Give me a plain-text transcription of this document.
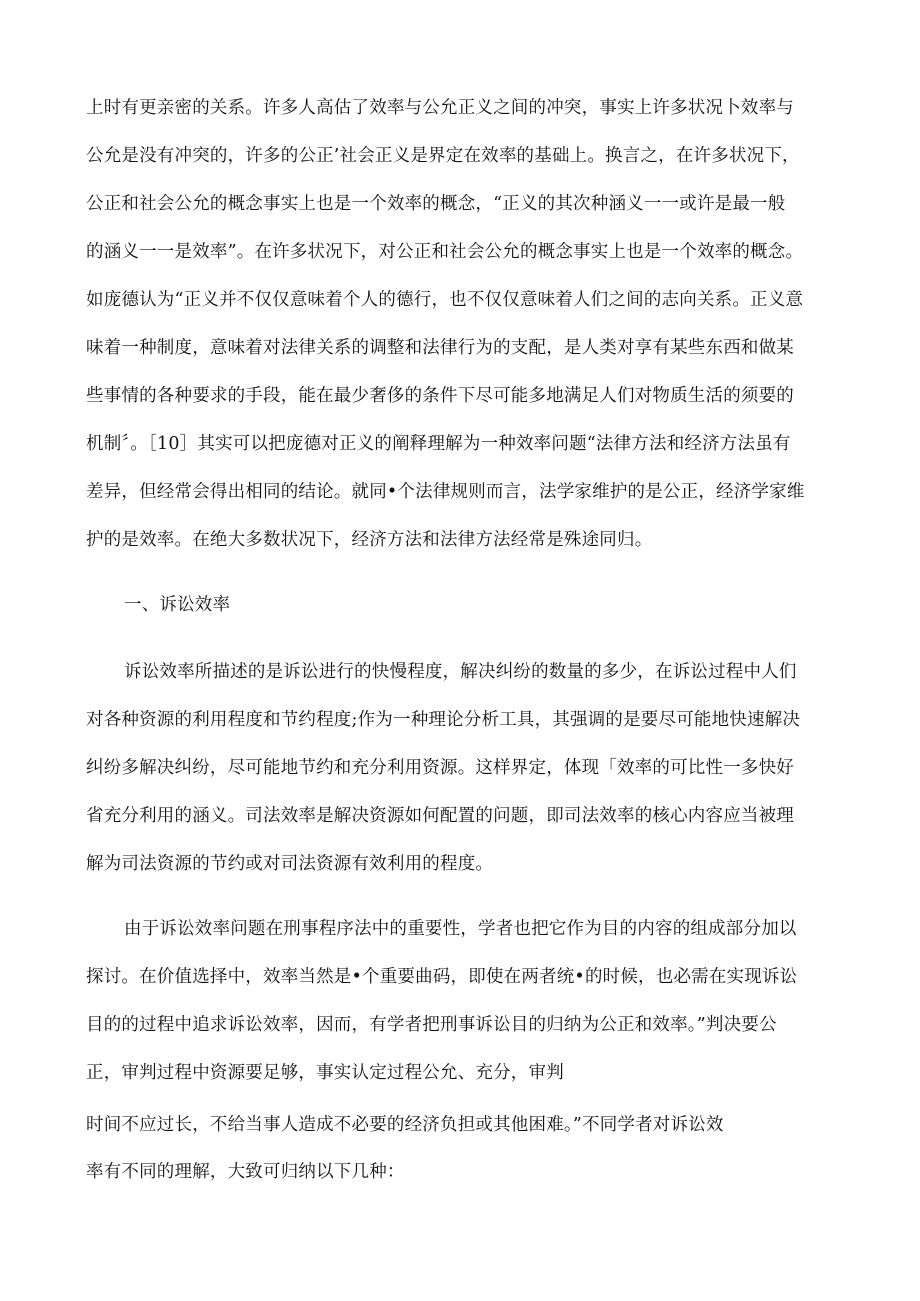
上时有更亲密的关系。许多人高估了效率与公允正义之间的冲突，事实上许多状况卜效率与
公允是没有冲突的，许多的公正’社会正义是界定在效率的基础上。换言之，在许多状况下，
公正和社会公允的概念事实上也是一个效率的概念，“正义的其次种涵义一一或许是最一般
的涵义一一是效率”。在许多状况下，对公正和社会公允的概念事实上也是一个效率的概念。
如庞德认为“正义并不仅仅意味着个人的德行，也不仅仅意味着人们之间的志向关系。正义意
味着一种制度，意味着对法律关系的调整和法律行为的支配，是人类对享有某些东西和做某
些事情的各种要求的手段，能在最少奢侈的条件下尽可能多地满足人们对物质生活的须要的
机制〞。［10］其实可以把庞德对正义的阐释理解为一种效率问题“法律方法和经济方法虽有
差异，但经常会得出相同的结论。就同•个法律规则而言，法学家维护的是公正，经济学家维
护的是效率。在绝大多数状况下，经济方法和法律方法经常是殊途同归。
一、诉讼效率
诉讼效率所描述的是诉讼进行的快慢程度，解决纠纷的数量的多少，在诉讼过程中人们
对各种资源的利用程度和节约程度;作为一种理论分析工具，其强调的是要尽可能地快速解决
纠纷多解决纠纷，尽可能地节约和充分利用资源。这样界定，体现「效率的可比性一多快好
省充分利用的涵义。司法效率是解决资源如何配置的问题，即司法效率的核心内容应当被理
解为司法资源的节约或对司法资源有效利用的程度。
由于诉讼效率问题在刑事程序法中的重要性，学者也把它作为目的内容的组成部分加以
探讨。在价值选择中，效率当然是•个重要曲码，即使在两者统•的时候，也必需在实现诉讼
目的的过程中追求诉讼效率，因而，有学者把刑事诉讼目的归纳为公正和效率。”判决要公
正，审判过程中资源要足够，事实认定过程公允、充分，审判
时间不应过长，不给当事人造成不必要的经济负担或其他困难。”不同学者对诉讼效
率有不同的理解，大致可归纳以下几种：
